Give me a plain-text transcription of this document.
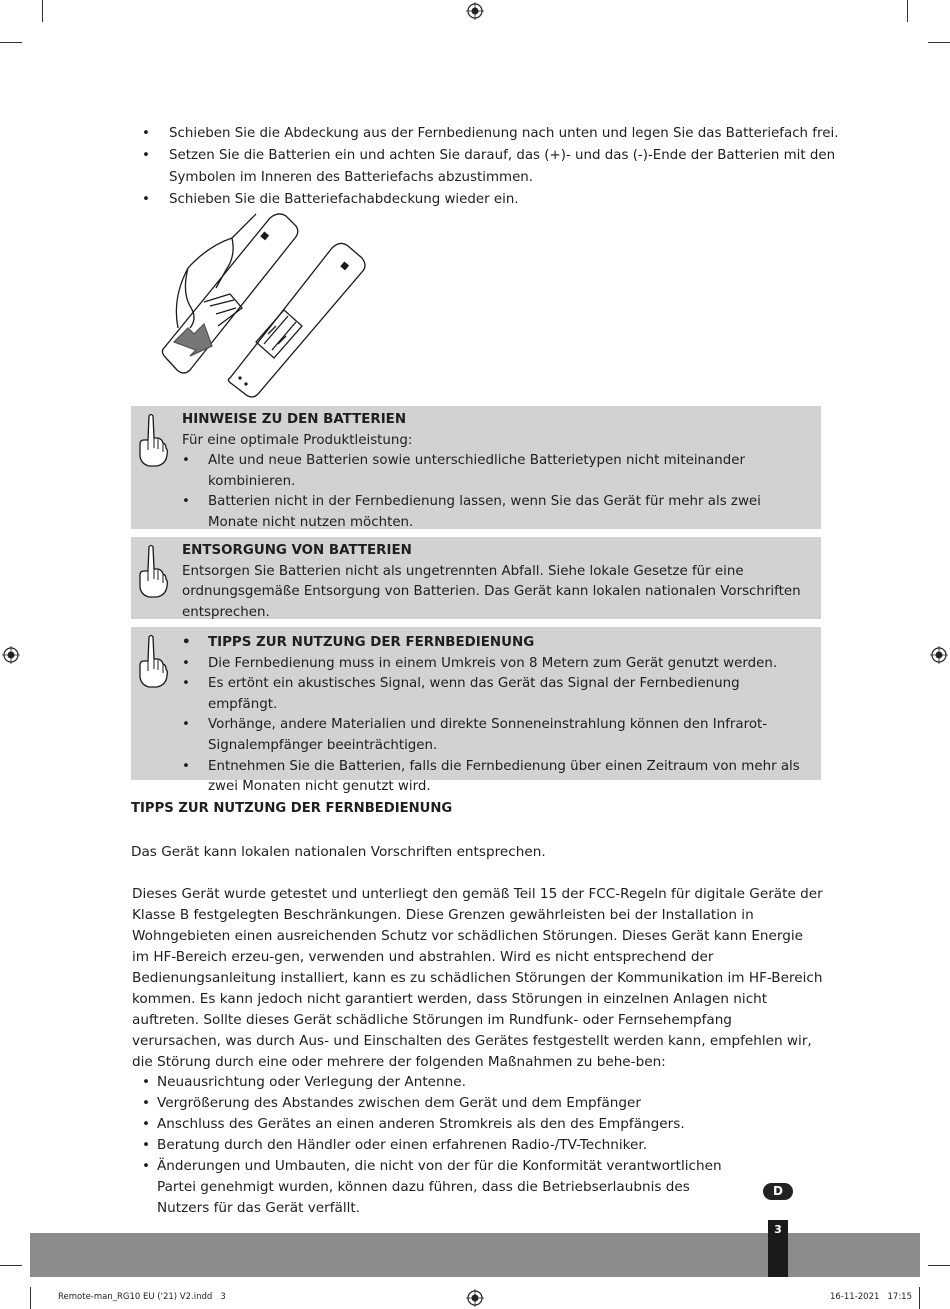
• Schieben Sie die Abdeckung aus der Fernbedienung nach unten und legen Sie das Batteriefach frei.
• Setzen Sie die Batterien ein und achten Sie darauf, das (+)- und das (-)-Ende der Batterien mit den Symbolen im Inneren des Batteriefachs abzustimmen.
• Schieben Sie die Batteriefachabdeckung wieder ein.
HINWEISE ZU DEN BATTERIEN
Für eine optimale Produktleistung:
• Alte und neue Batterien sowie unterschiedliche Batterietypen nicht miteinander kombinieren.
• Batterien nicht in der Fernbedienung lassen, wenn Sie das Gerät für mehr als zwei Monate nicht nutzen möchten.
ENTSORGUNG VON BATTERIEN
Entsorgen Sie Batterien nicht als ungetrennten Abfall. Siehe lokale Gesetze für eine ordnungsgemäße Entsorgung von Batterien. Das Gerät kann lokalen nationalen Vorschriften entsprechen.
• TIPPS ZUR NUTZUNG DER FERNBEDIENUNG
• Die Fernbedienung muss in einem Umkreis von 8 Metern zum Gerät genutzt werden.
• Es ertönt ein akustisches Signal, wenn das Gerät das Signal der Fernbedienung empfängt.
• Vorhänge, andere Materialien und direkte Sonneneinstrahlung können den Infrarot-Signalempfänger beeinträchtigen.
• Entnehmen Sie die Batterien, falls die Fernbedienung über einen Zeitraum von mehr als zwei Monaten nicht genutzt wird.
TIPPS ZUR NUTZUNG DER FERNBEDIENUNG
Das Gerät kann lokalen nationalen Vorschriften entsprechen.
Dieses Gerät wurde getestet und unterliegt den gemäß Teil 15 der FCC-Regeln für digitale Geräte der Klasse B festgelegten Beschränkungen. Diese Grenzen gewährleisten bei der Installation in Wohngebieten einen ausreichenden Schutz vor schädlichen Störungen. Dieses Gerät kann Energie im HF-Bereich erzeu-gen, verwenden und abstrahlen. Wird es nicht entsprechend der Bedienungsanleitung installiert, kann es zu schädlichen Störungen der Kommunikation im HF-Bereich kommen. Es kann jedoch nicht garantiert werden, dass Störungen in einzelnen Anlagen nicht auftreten. Sollte dieses Gerät schädliche Störungen im Rundfunk- oder Fernsehempfang verursachen, was durch Aus- und Einschalten des Gerätes festgestellt werden kann, empfehlen wir, die Störung durch eine oder mehrere der folgenden Maßnahmen zu behe-ben:
• Neuausrichtung oder Verlegung der Antenne.
• Vergrößerung des Abstandes zwischen dem Gerät und dem Empfänger
• Anschluss des Gerätes an einen anderen Stromkreis als den des Empfängers.
• Beratung durch den Händler oder einen erfahrenen Radio-/TV-Techniker.
• Änderungen und Umbauten, die nicht von der für die Konformität verantwortlichen Partei genehmigt wurden, können dazu führen, dass die Betriebserlaubnis des Nutzers für das Gerät verfällt.
D
3
Remote-man_RG10 EU ('21) V2.indd   3	16-11-2021   17:15
